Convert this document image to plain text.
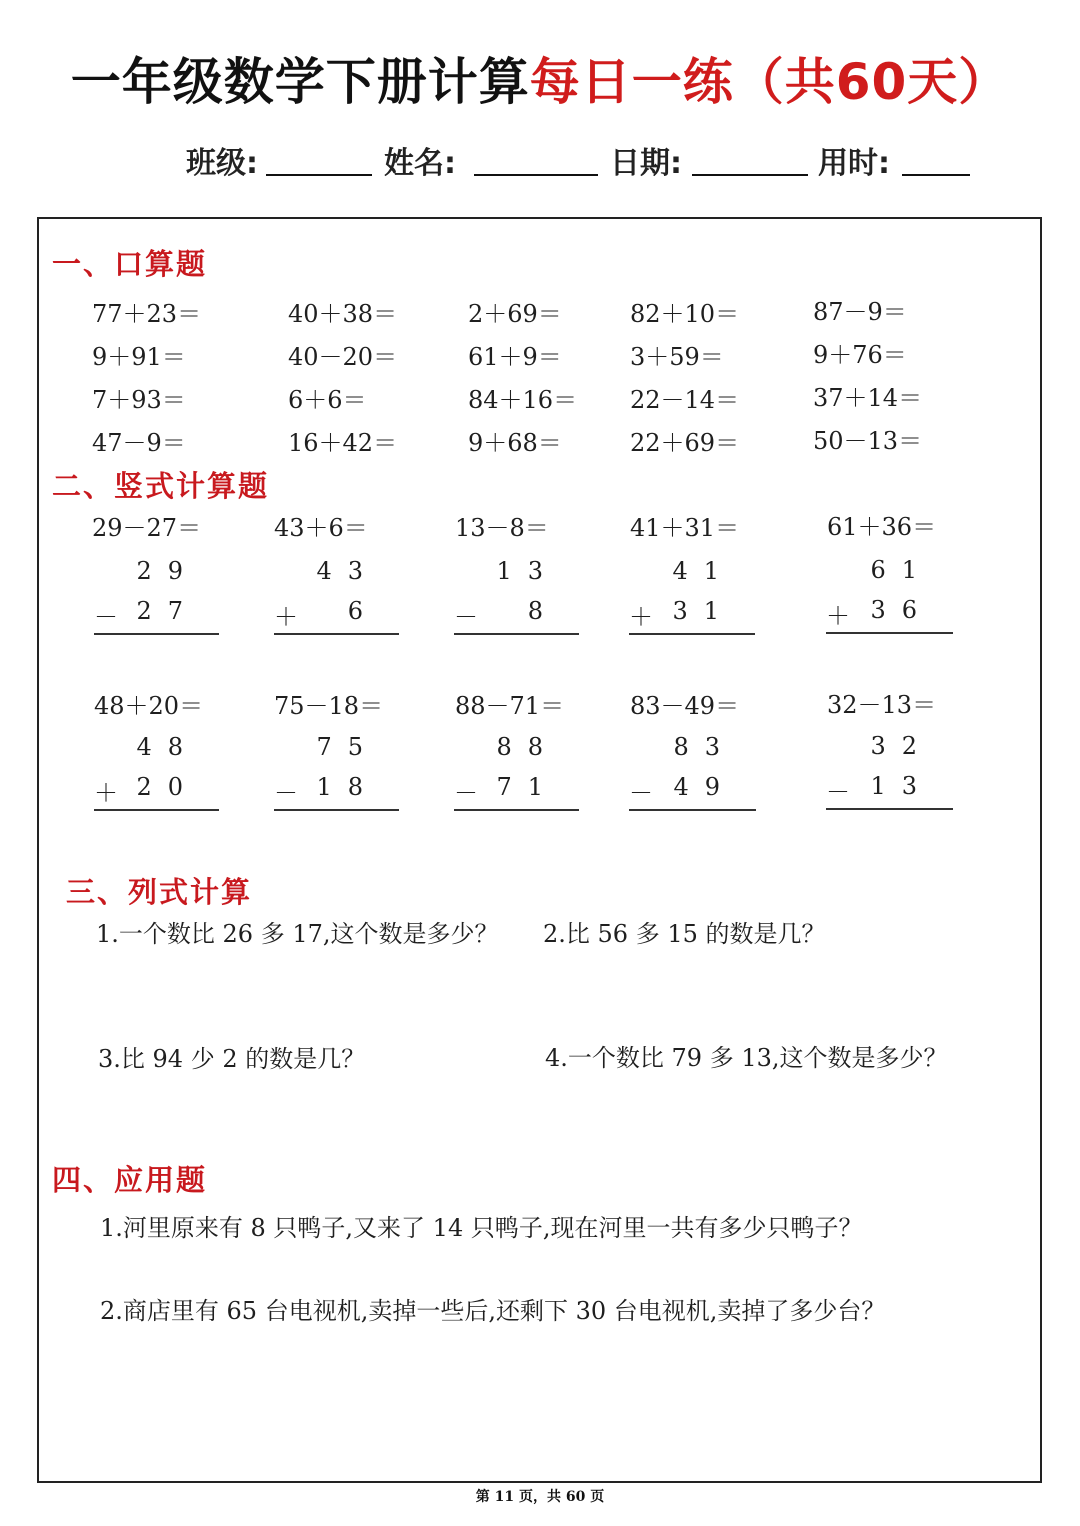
一年级数学下册计算每日一练（共60天）
班级:	姓名:	日期:	用时:
一、口算题
77＋23＝	40＋38＝	2＋69＝	82＋10＝	87－9＝
9＋91＝	40－20＝	61＋9＝	3＋59＝	9＋76＝
7＋93＝	6＋6＝	84＋16＝ 22－14＝	37＋14＝
47－9＝	16＋42＝	9＋68＝	22＋69＝	50－13＝
二、竖式计算题
29－27＝
29
－ 27
43＋6＝
43
＋ 6
13－8＝
13
－ 8
41＋31＝
41
＋ 31
61＋36＝
61
＋ 36
48＋20＝
48
＋ 20
75－18＝
75
－ 18
88－71＝
88
－ 71
83－49＝
83
－ 49
32－13＝
32
－ 13
三、列式计算
1.一个数比 26 多 17,这个数是多少？ 2.比 56 多 15 的数是几？
3.比 94 少 2 的数是几？	4.一个数比 79 多 13,这个数是多少？
四、应用题
1.河里原来有 8 只鸭子,又来了 14 只鸭子,现在河里一共有多少只鸭子？
2.商店里有 65 台电视机,卖掉一些后,还剩下 30 台电视机,卖掉了多少台？
第 11 页，共 60 页
